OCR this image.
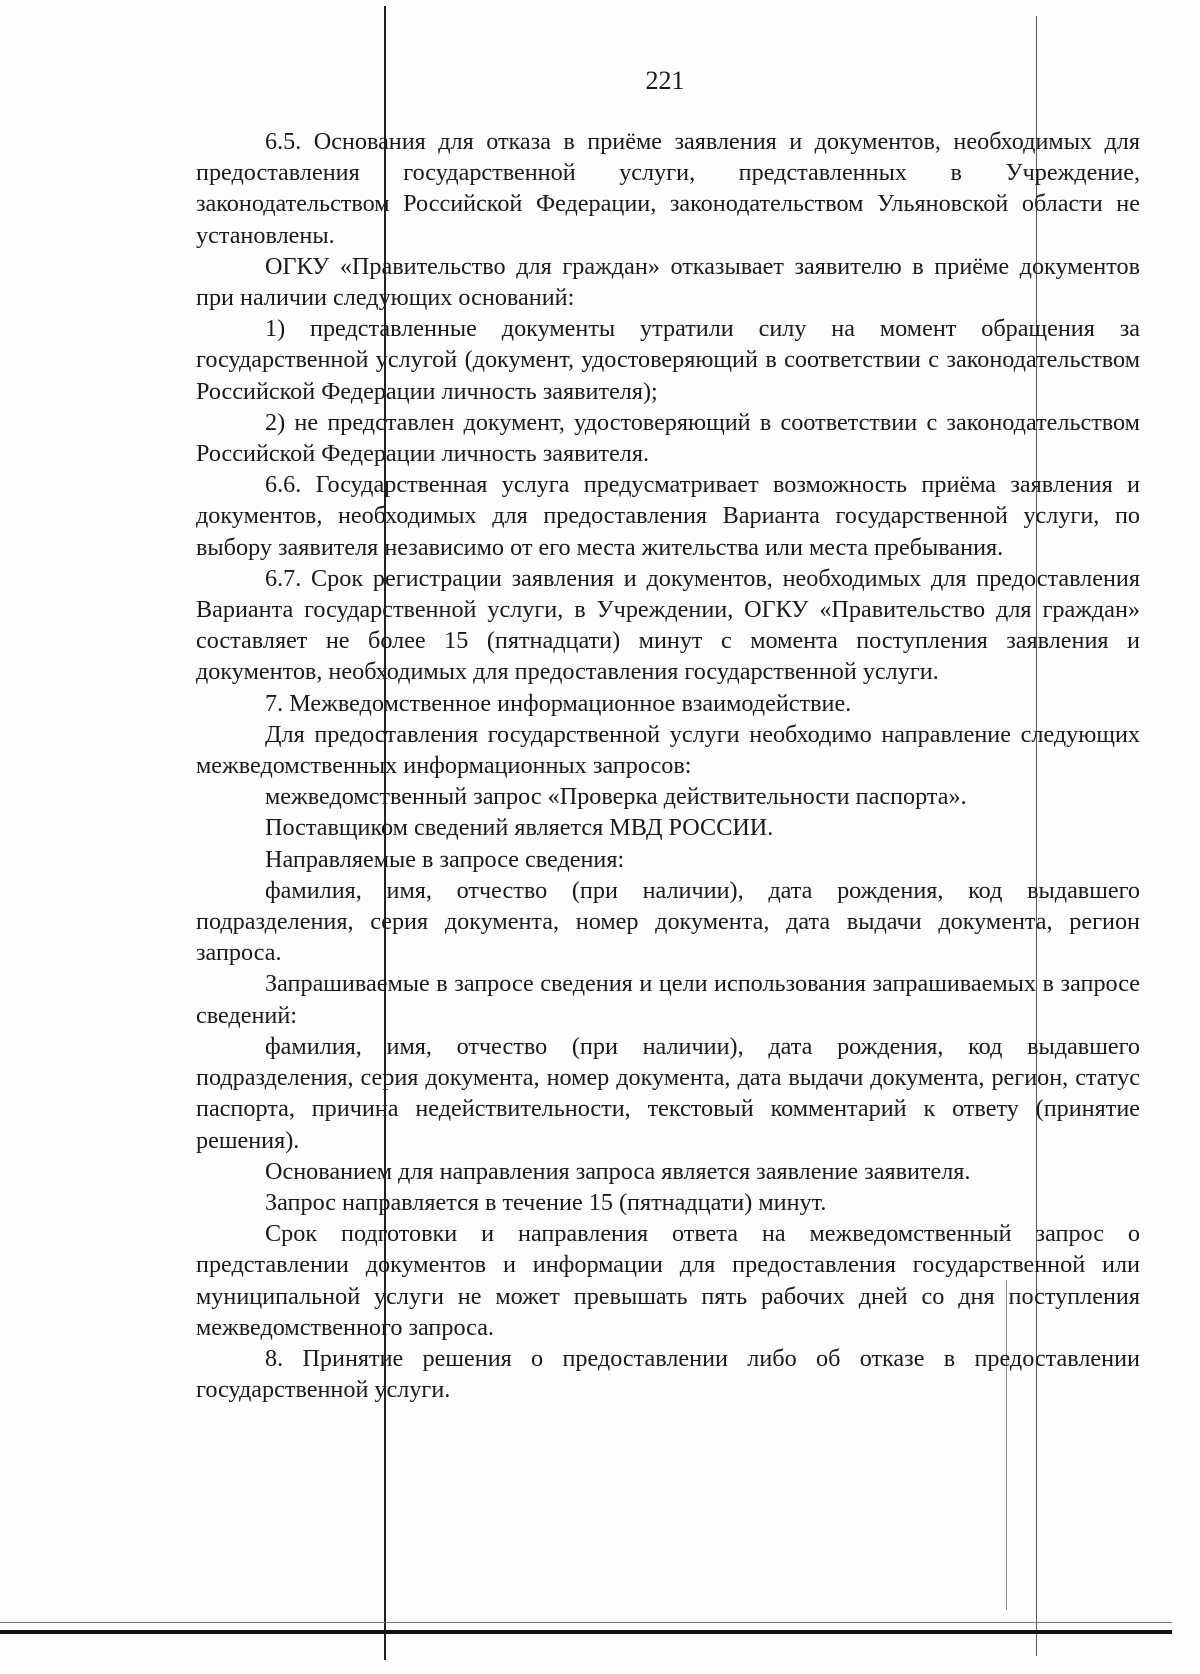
221

6.5. Основания для отказа в приёме заявления и документов, необходимых для предоставления государственной услуги, представленных в Учреждение, законодательством Российской Федерации, законодательством Ульяновской области не установлены.

ОГКУ «Правительство для граждан» отказывает заявителю в приёме документов при наличии следующих оснований:

1) представленные документы утратили силу на момент обращения за государственной услугой (документ, удостоверяющий в соответствии с законодательством Российской Федерации личность заявителя);

2) не представлен документ, удостоверяющий в соответствии с законодательством Российской Федерации личность заявителя.

6.6. Государственная услуга предусматривает возможность приёма заявления и документов, необходимых для предоставления Варианта государственной услуги, по выбору заявителя независимо от его места жительства или места пребывания.

6.7. Срок регистрации заявления и документов, необходимых для предоставления Варианта государственной услуги, в Учреждении, ОГКУ «Правительство для граждан» составляет не более 15 (пятнадцати) минут с момента поступления заявления и документов, необходимых для предоставления государственной услуги.

7. Межведомственное информационное взаимодействие.

Для предоставления государственной услуги необходимо направление следующих межведомственных информационных запросов:

межведомственный запрос «Проверка действительности паспорта».

Поставщиком сведений является МВД РОССИИ.

Направляемые в запросе сведения:

фамилия, имя, отчество (при наличии), дата рождения, код выдавшего подразделения, серия документа, номер документа, дата выдачи документа, регион запроса.

Запрашиваемые в запросе сведения и цели использования запрашиваемых в запросе сведений:

фамилия, имя, отчество (при наличии), дата рождения, код выдавшего подразделения, серия документа, номер документа, дата выдачи документа, регион, статус паспорта, причина недействительности, текстовый комментарий к ответу (принятие решения).

Основанием для направления запроса является заявление заявителя.

Запрос направляется в течение 15 (пятнадцати) минут.

Срок подготовки и направления ответа на межведомственный запрос о представлении документов и информации для предоставления государственной или муниципальной услуги не может превышать пять рабочих дней со дня поступления межведомственного запроса.

8. Принятие решения о предоставлении либо об отказе в предоставлении государственной услуги.
